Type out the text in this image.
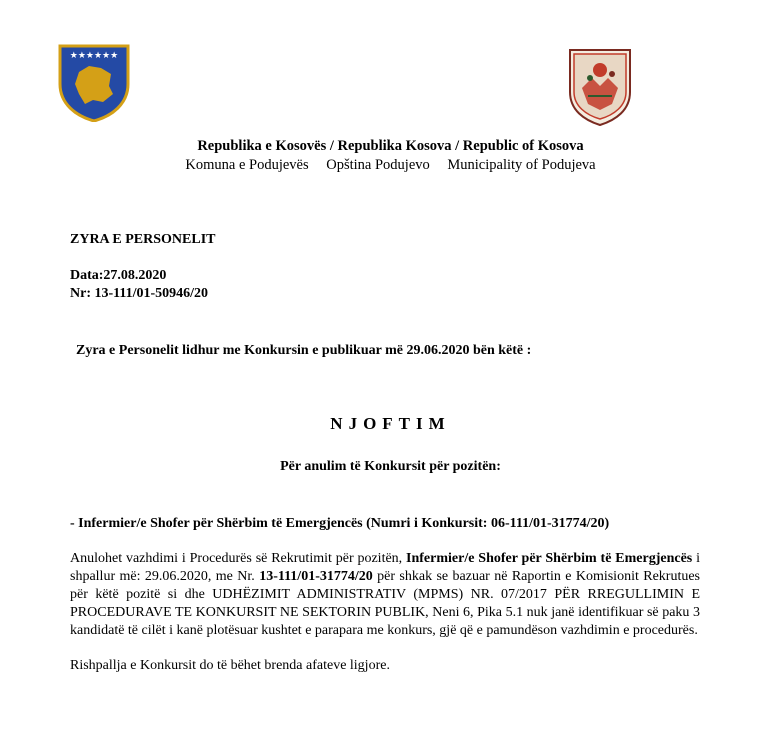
★★★★★★
Republika e Kosovës / Republika Kosova / Republic of Kosova
Komuna e Podujevës Opština Podujevo Municipality of Podujeva
ZYRA E PERSONELIT
Data:27.08.2020
Nr: 13-111/01-50946/20
Zyra e Personelit lidhur me Konkursin e publikuar më 29.06.2020 bën këtë :
NJOFTIM
Për anulim të Konkursit për pozitën:
- Infermier/e Shofer për Shërbim të Emergjencës (Numri i Konkursit: 06-111/01-31774/20)
Anulohet vazhdimi i Procedurës së Rekrutimit për pozitën, Infermier/e Shofer për Shërbim të Emergjencës i shpallur më: 29.06.2020, me Nr. 13-111/01-31774/20 për shkak se bazuar në Raportin e Komisionit Rekrutues për këtë pozitë si dhe UDHËZIMIT ADMINISTRATIV (MPMS) NR. 07/2017 PËR RREGULLIMIN E PROCEDURAVE TE KONKURSIT NE SEKTORIN PUBLIK, Neni 6, Pika 5.1 nuk janë identifikuar së paku 3 kandidatë të cilët i kanë plotësuar kushtet e parapara me konkurs, gjë që e pamundëson vazhdimin e procedurës.
Rishpallja e Konkursit do të bëhet brenda afateve ligjore.
